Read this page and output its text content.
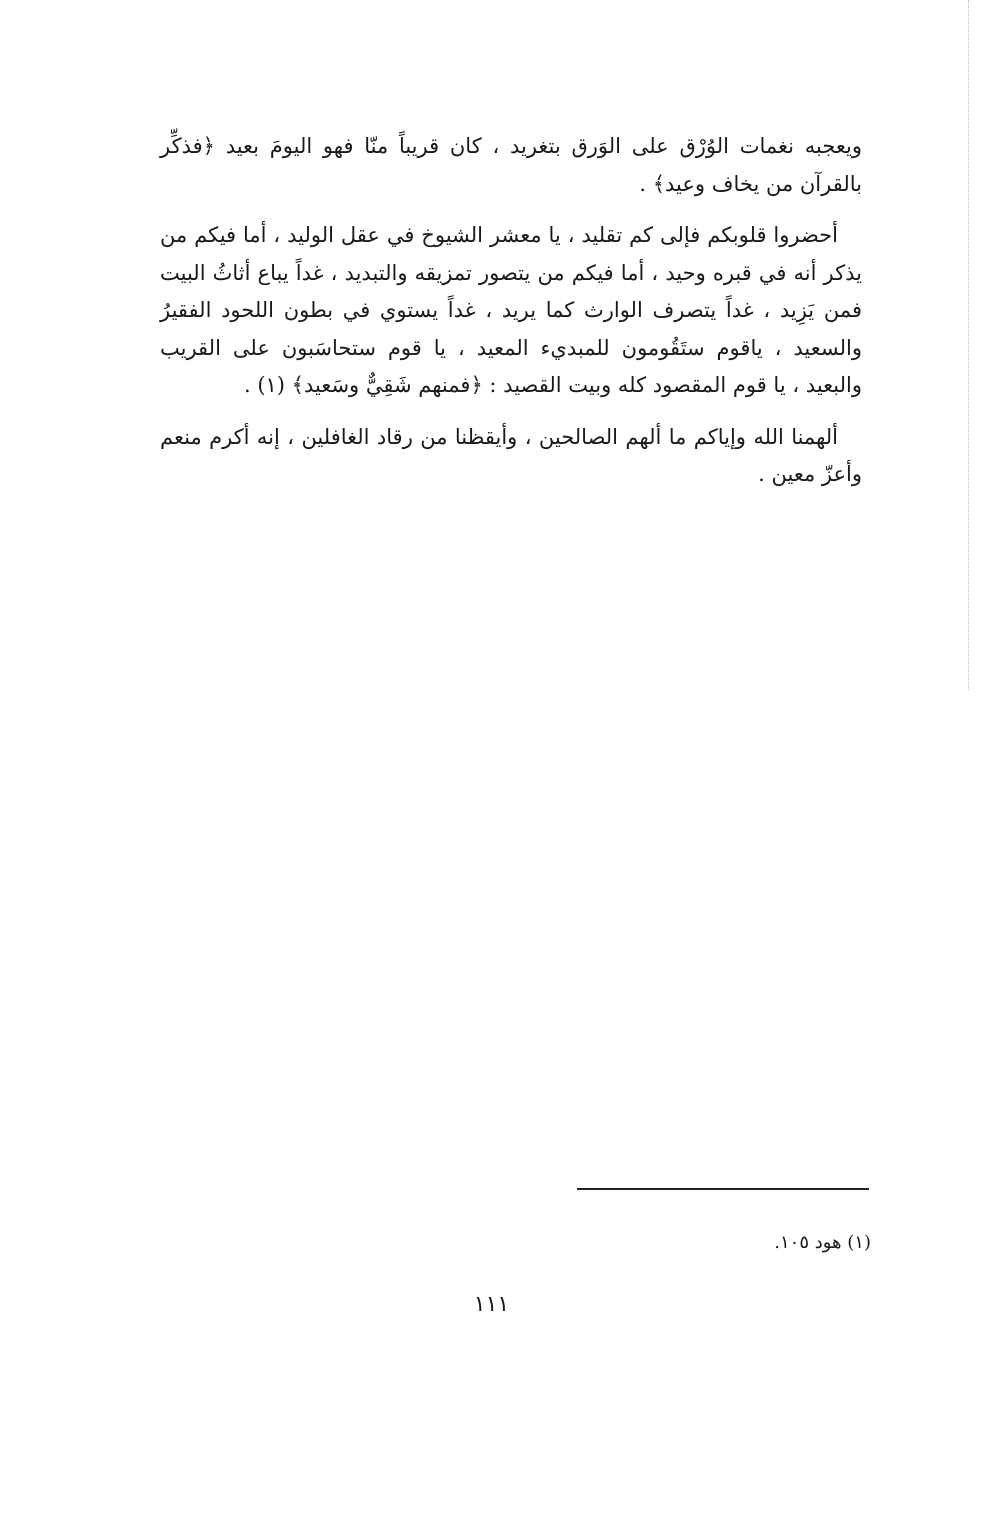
ويعجبه نغمات الوُرْق على الوَرق بتغريد ، كان قريباً منّا فهو اليومَ بعيد ﴿فذكِّر بالقرآن من يخاف وعيد﴾ .

أحضروا قلوبكم فإلى كم تقليد ، يا معشر الشيوخ في عقل الوليد ، أما فيكم من يذكر أنه في قبره وحيد ، أما فيكم من يتصور تمزيقه والتبديد ، غداً يباع أثاثُ البيت فمن يَزِيد ، غداً يتصرف الوارث كما يريد ، غداً يستوي في بطون اللحود الفقيرُ والسعيد ، ياقوم ستَقُومون للمبديء المعيد ، يا قوم ستحاسَبون على القريب والبعيد ، يا قوم المقصود كله وبيت القصيد : ﴿فمنهم شَقِيٌّ وسَعيد﴾ (١) .

ألهمنا الله وإياكم ما ألهم الصالحين ، وأيقظنا من رقاد الغافلين ، إنه أكرم منعم وأعزّ معين .

(١) هود ١٠٥.
١١١
